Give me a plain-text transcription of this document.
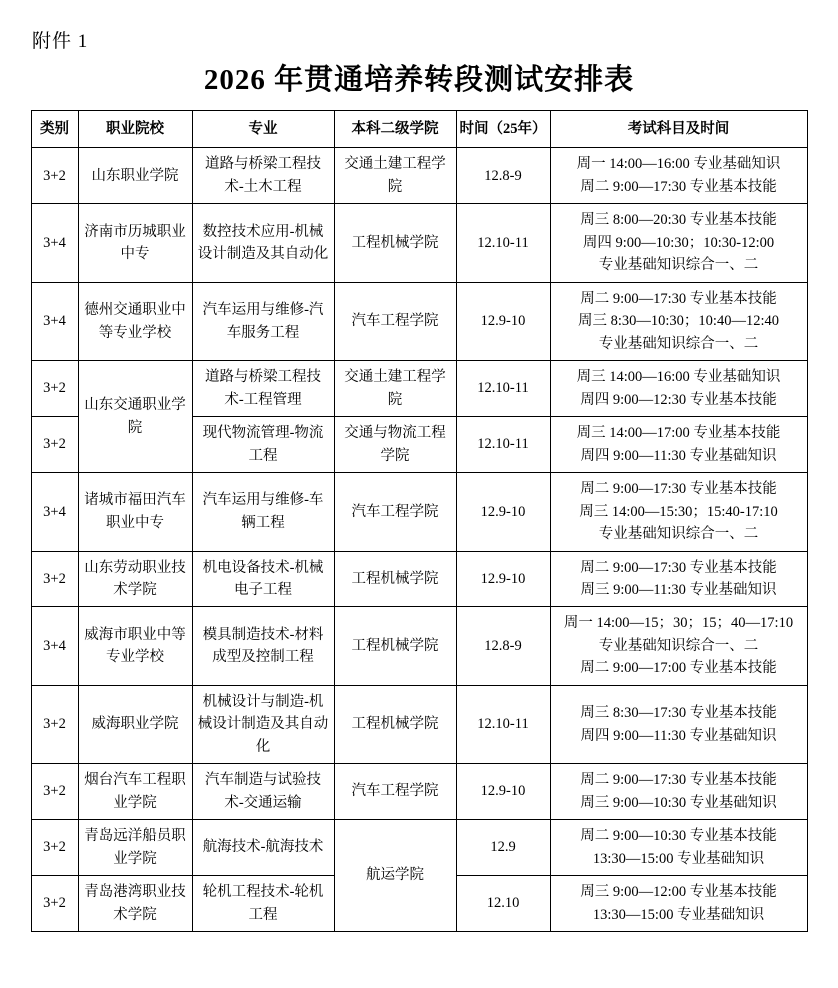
附件 1
2026 年贯通培养转段测试安排表
类别	职业院校	专业	本科二级学院	时间（25年）	考试科目及时间
3+2	山东职业学院	道路与桥梁工程技术-土木工程	交通土建工程学院	12.8-9	周一 14:00—16:00 专业基础知识
周二 9:00—17:30 专业基本技能

3+4	济南市历城职业中专	数控技术应用-机械设计制造及其自动化	工程机械学院	12.10-11	周三 8:00—20:30 专业基本技能
周四 9:00—10:30；10:30-12:00
专业基础知识综合一、二

3+4	德州交通职业中等专业学校	汽车运用与维修-汽车服务工程	汽车工程学院	12.9-10	周二 9:00—17:30 专业基本技能
周三 8:30—10:30；10:40—12:40
专业基础知识综合一、二

3+2	山东交通职业学院	道路与桥梁工程技术-工程管理	交通土建工程学院	12.10-11	周三 14:00—16:00 专业基础知识
周四 9:00—12:30 专业基本技能

3+2		现代物流管理-物流工程	交通与物流工程学院	12.10-11	周三 14:00—17:00 专业基本技能
周四 9:00—11:30 专业基础知识

3+4	诸城市福田汽车职业中专	汽车运用与维修-车辆工程	汽车工程学院	12.9-10	周二 9:00—17:30 专业基本技能
周三 14:00—15:30；15:40-17:10
专业基础知识综合一、二

3+2	山东劳动职业技术学院	机电设备技术-机械电子工程	工程机械学院	12.9-10	周二 9:00—17:30 专业基本技能
周三 9:00—11:30 专业基础知识

3+4	威海市职业中等专业学校	模具制造技术-材料成型及控制工程	工程机械学院	12.8-9	周一 14:00—15；30；15；40—17:10
专业基础知识综合一、二
周二 9:00—17:00 专业基本技能

3+2	威海职业学院	机械设计与制造-机械设计制造及其自动化	工程机械学院	12.10-11	周三 8:30—17:30 专业基本技能
周四 9:00—11:30 专业基础知识

3+2	烟台汽车工程职业学院	汽车制造与试验技术-交通运输	汽车工程学院	12.9-10	周二 9:00—17:30 专业基本技能
周三 9:00—10:30 专业基础知识

3+2	青岛远洋船员职业学院	航海技术-航海技术	航运学院	12.9	周二 9:00—10:30 专业基本技能
13:30—15:00 专业基础知识

3+2	青岛港湾职业技术学院	轮机工程技术-轮机工程		12.10	周三 9:00—12:00 专业基本技能
13:30—15:00 专业基础知识
